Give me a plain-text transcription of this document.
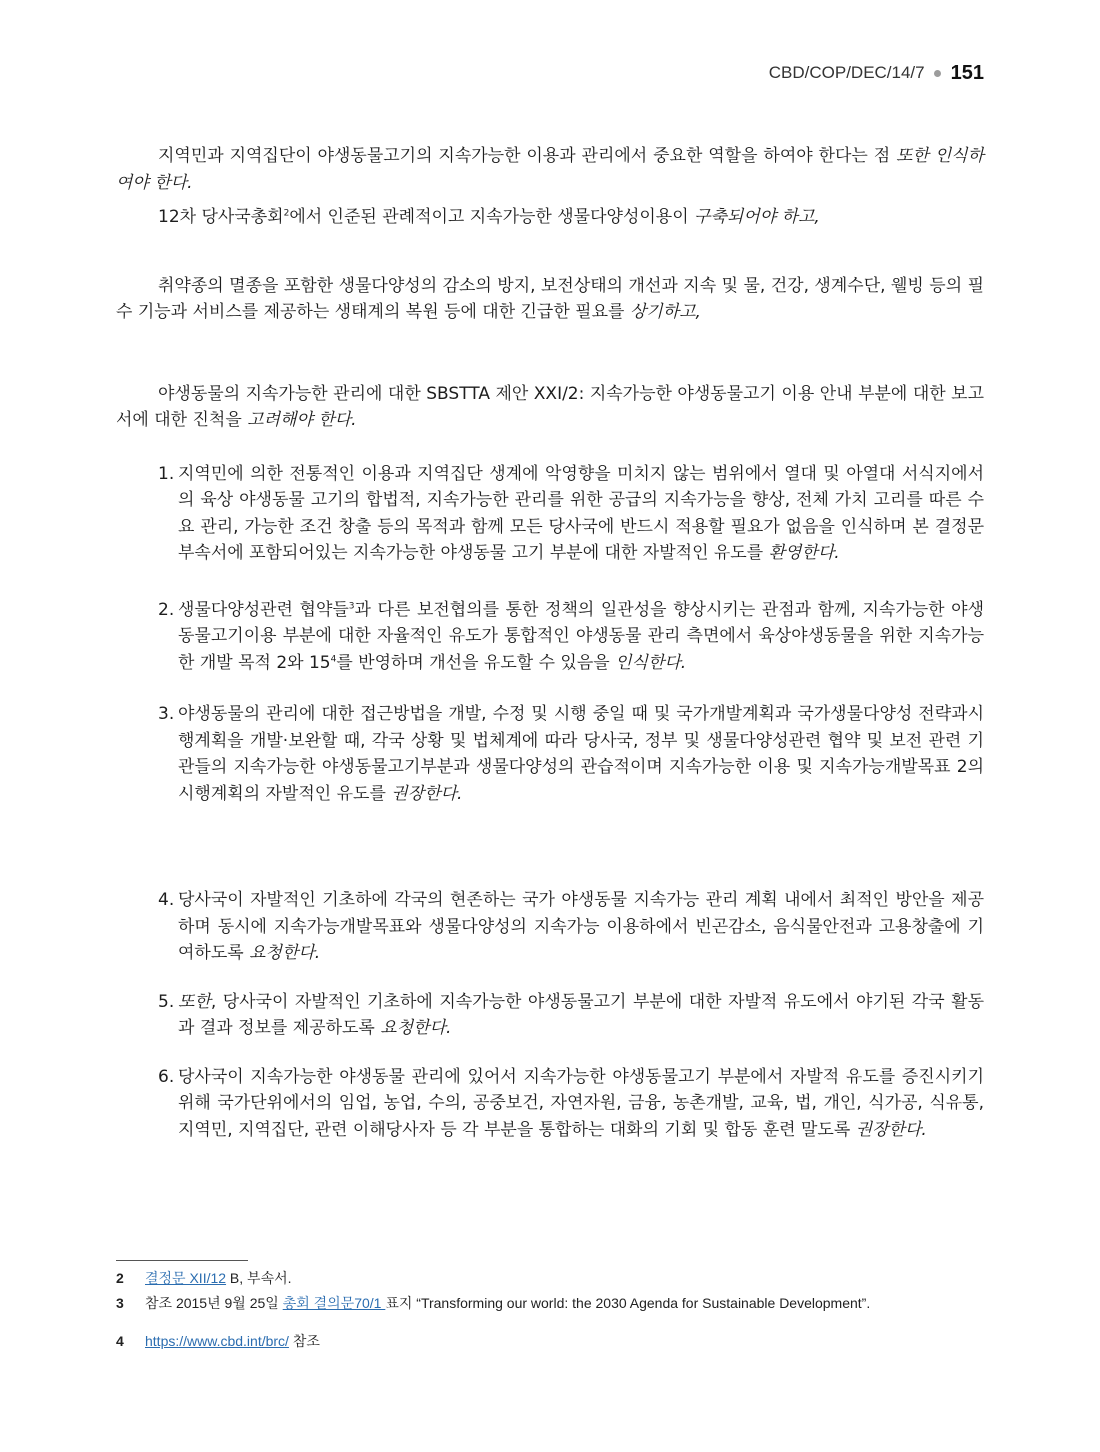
CBD/COP/DEC/14/7 151

지역민과 지역집단이 야생동물고기의 지속가능한 이용과 관리에서 중요한 역할을 하여야 한다는 점 또한 인식하여야 한다.

12차 당사국총회$^2$에서 인준된 관례적이고 지속가능한 생물다양성이용이 구축되어야 하고,

취약종의 멸종을 포함한 생물다양성의 감소의 방지, 보전상태의 개선과 지속 및 물, 건강, 생계수단, 웰빙 등의 필수 기능과 서비스를 제공하는 생태계의 복원 등에 대한 긴급한 필요를 상기하고,

야생동물의 지속가능한 관리에 대한 SBSTTA 제안 XXI/2: 지속가능한 야생동물고기 이용 안내 부분에 대한 보고서에 대한 진척을 고려해야 한다.

1. 지역민에 의한 전통적인 이용과 지역집단 생계에 악영향을 미치지 않는 범위에서 열대 및 아열대 서식지에서의 육상 야생동물 고기의 합법적, 지속가능한 관리를 위한 공급의 지속가능을 향상, 전체 가치 고리를 따른 수요 관리, 가능한 조건 창출 등의 목적과 함께 모든 당사국에 반드시 적용할 필요가 없음을 인식하며 본 결정문 부속서에 포함되어있는 지속가능한 야생동물 고기 부분에 대한 자발적인 유도를 환영한다.
2. 생물다양성관련 협약들$^3$과 다른 보전협의를 통한 정책의 일관성을 향상시키는 관점과 함께, 지속가능한 야생동물고기이용 부분에 대한 자율적인 유도가 통합적인 야생동물 관리 측면에서 육상야생동물을 위한 지속가능한 개발 목적 2와 $15^4$를 반영하며 개선을 유도할 수 있음을 인식한다.
3. 야생동물의 관리에 대한 접근방법을 개발, 수정 및 시행 중일 때 및 국가개발계획과 국가생물다양성 전략과시행계획을 개발·보완할 때, 각국 상황 및 법체계에 따라 당사국, 정부 및 생물다양성관련 협약 및 보전 관련 기관들의 지속가능한 야생동물고기부분과 생물다양성의 관습적이며 지속가능한 이용 및 지속가능개발목표 2의 시행계획의 자발적인 유도를 권장한다.
4. 당사국이 자발적인 기초하에 각국의 현존하는 국가 야생동물 지속가능 관리 계획 내에서 최적인 방안을 제공하며 동시에 지속가능개발목표와 생물다양성의 지속가능 이용하에서 빈곤감소, 음식물안전과 고용창출에 기여하도록 요청한다.
5. 또한, 당사국이 자발적인 기초하에 지속가능한 야생동물고기 부분에 대한 자발적 유도에서 야기된 각국 활동과 결과 정보를 제공하도록 요청한다.
6. 당사국이 지속가능한 야생동물 관리에 있어서 지속가능한 야생동물고기 부분에서 자발적 유도를 증진시키기 위해 국가단위에서의 임업, 농업, 수의, 공중보건, 자연자원, 금융, 농촌개발, 교육, 법, 개인, 식가공, 식유통, 지역민, 지역집단, 관련 이해당사자 등 각 부분을 통합하는 대화의 기회 및 합동 훈련 말도록 권장한다.
2	결정문 XII/12 B, 부속서.
3	참조 2015년 9월 25일 총회 결의문70/1 표지 “Transforming our world: the 2030 Agenda for Sustainable Development”.
4	https://www.cbd.int/brc/ 참조
